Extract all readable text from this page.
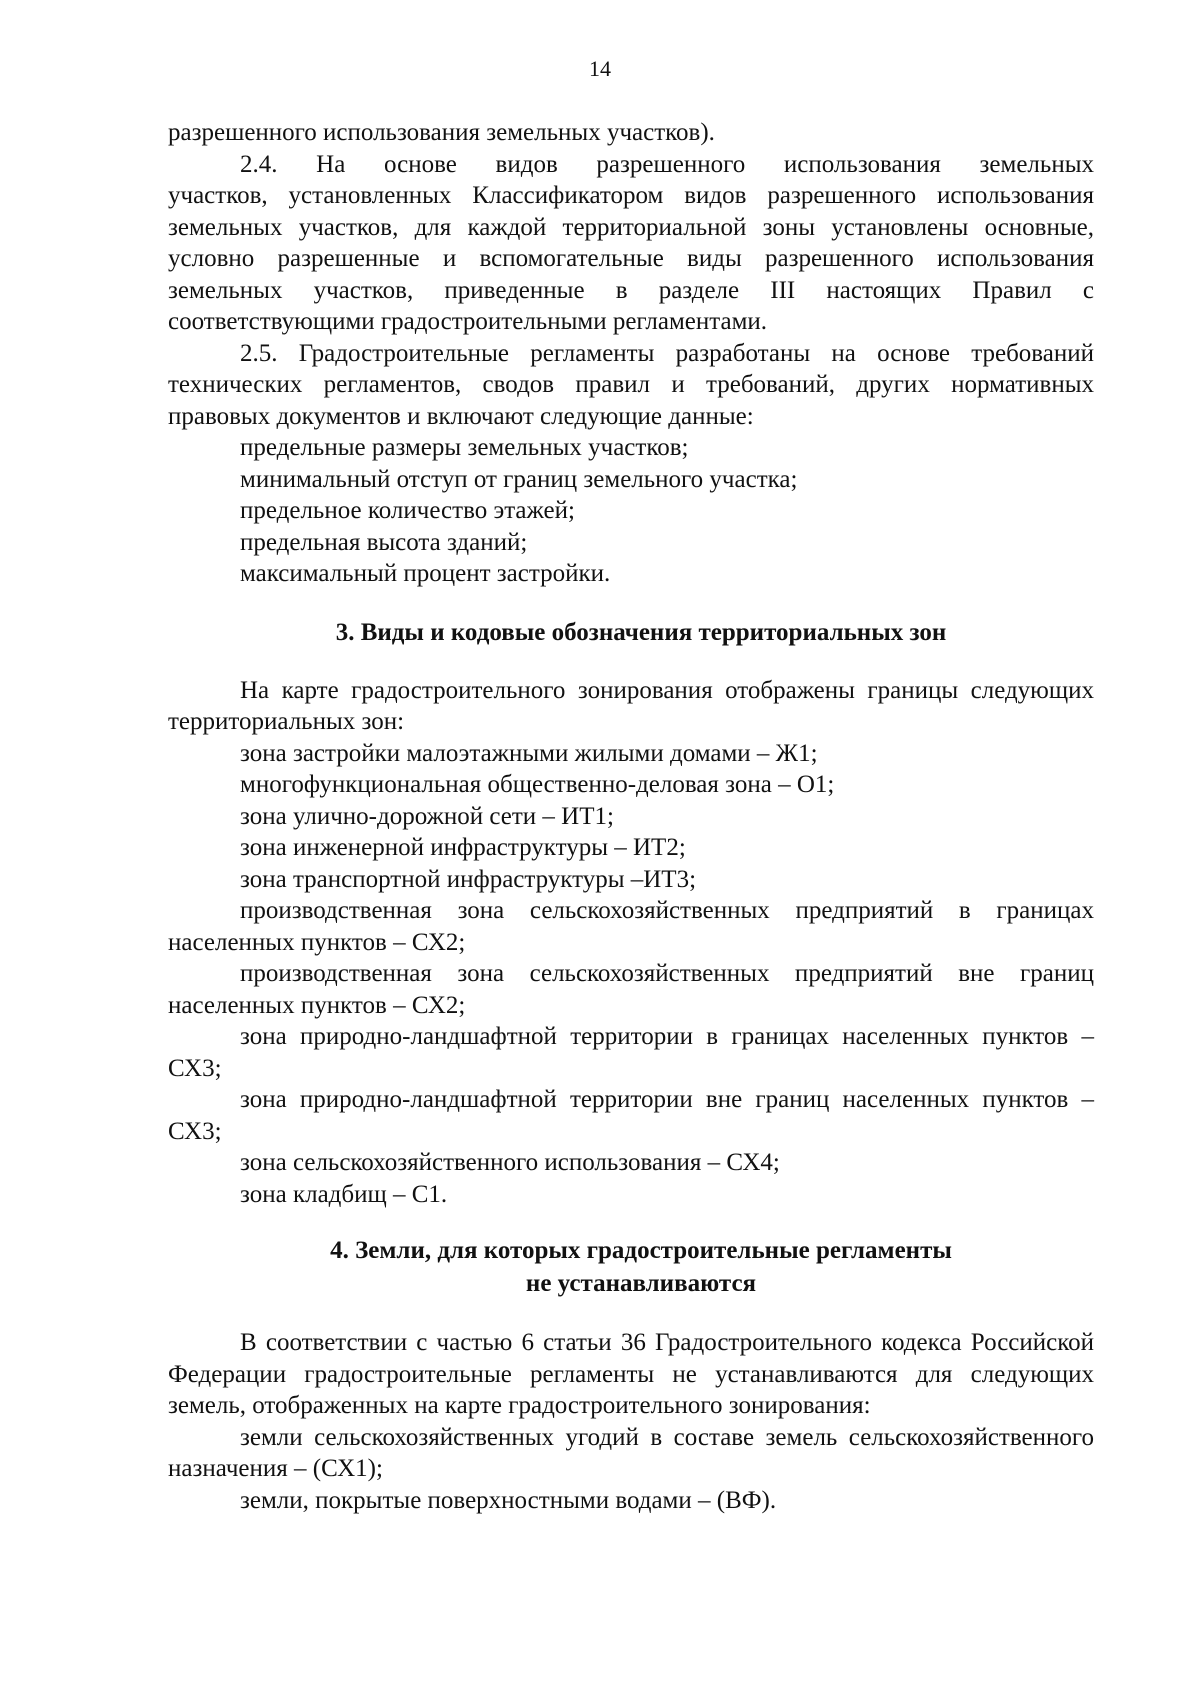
14

разрешенного использования земельных участков).

2.4. На основе видов разрешенного использования земельных

участков, установленных Классификатором видов разрешенного использования земельных участков, для каждой территориальной зоны установлены основные, условно разрешенные и вспомогательные виды разрешенного использования земельных участков, приведенные в разделе III настоящих Правил с соответствующими градостроительными регламентами.

2.5. Градостроительные регламенты разработаны на основе требований технических регламентов, сводов правил и требований, других нормативных правовых документов и включают следующие данные:

предельные размеры земельных участков;

минимальный отступ от границ земельного участка;

предельное количество этажей;

предельная высота зданий;

максимальный процент застройки.

3. Виды и кодовые обозначения территориальных зон

На карте градостроительного зонирования отображены границы следующих территориальных зон:

зона застройки малоэтажными жилыми домами – Ж1;

многофункциональная общественно-деловая зона – О1;

зона улично-дорожной сети – ИТ1;

зона инженерной инфраструктуры – ИТ2;

зона транспортной инфраструктуры –ИТ3;

производственная зона сельскохозяйственных предприятий в границах населенных пунктов – СХ2;

производственная зона сельскохозяйственных предприятий вне границ населенных пунктов – СХ2;

зона природно-ландшафтной территории в границах населенных пунктов – СХ3;

зона природно-ландшафтной территории вне границ населенных пунктов – СХ3;

зона сельскохозяйственного использования – СХ4;

зона кладбищ – С1.

4. Земли, для которых градостроительные регламенты
не устанавливаются

В соответствии с частью 6 статьи 36 Градостроительного кодекса Российской Федерации градостроительные регламенты не устанавливаются для следующих земель, отображенных на карте градостроительного зонирования:

земли сельскохозяйственных угодий в составе земель сельскохозяйственного назначения – (СХ1);

земли, покрытые поверхностными водами – (ВФ).
